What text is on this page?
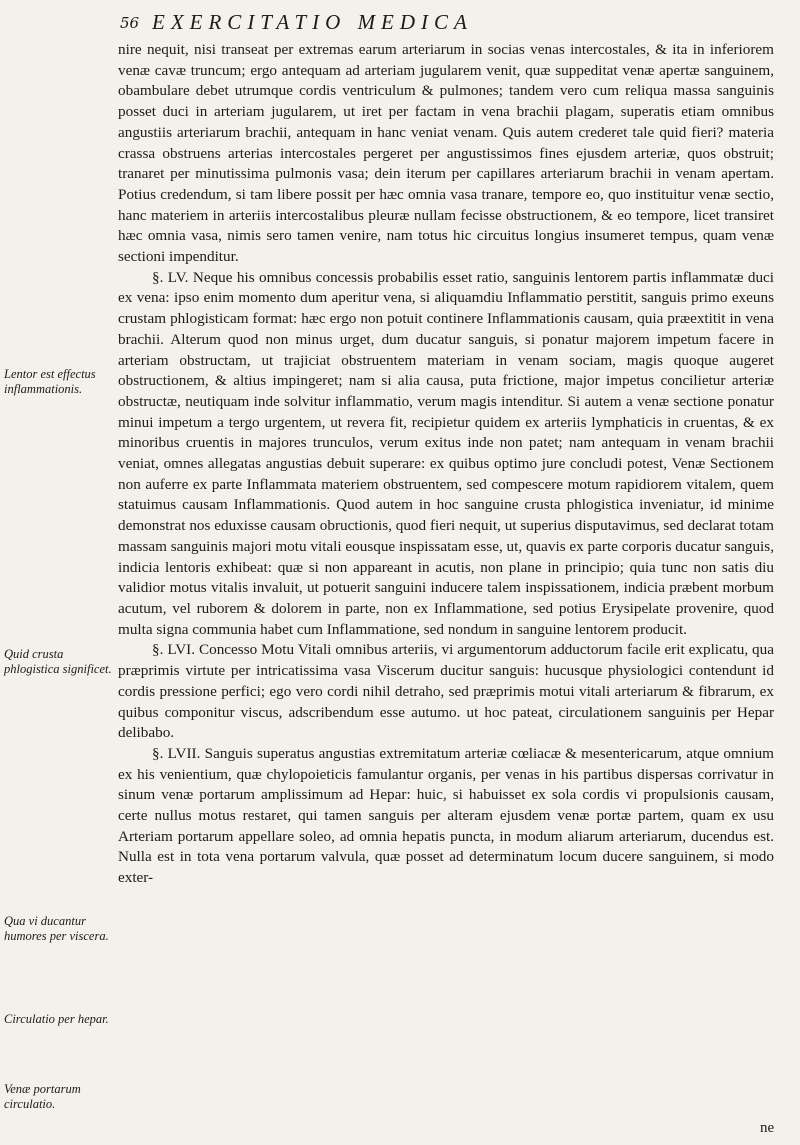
56 EXERCITATIO MEDICA
Lentor est effectus inflammationis.
Quid crusta phlogistica significet.
Qua vi ducantur humores per viscera.
Circulatio per hepar.
Venæ portarum circulatio.

nire nequit, nisi transeat per extremas earum arteriarum in socias venas intercostales, & ita in inferiorem venæ cavæ truncum; ergo antequam ad arteriam jugularem venit, quæ suppeditat venæ apertæ sanguinem, obambulare debet utrumque cordis ventriculum & pulmones; tandem vero cum reliqua massa sanguinis posset duci in arteriam jugularem, ut iret per factam in vena brachii plagam, superatis etiam omnibus angustiis arteriarum brachii, antequam in hanc veniat venam. Quis autem crederet tale quid fieri? materia crassa obstruens arterias intercostales pergeret per angustissimos fines ejusdem arteriæ, quos obstruit; tranaret per minutissima pulmonis vasa; dein iterum per capillares arteriarum brachii in venam apertam. Potius credendum, si tam libere possit per hæc omnia vasa tranare, tempore eo, quo instituitur venæ sectio, hanc materiem in arteriis intercostalibus pleuræ nullam fecisse obstructionem, & eo tempore, licet transiret hæc omnia vasa, nimis sero tamen venire, nam totus hic circuitus longius insumeret tempus, quam venæ sectioni impenditur.

§. LV. Neque his omnibus concessis probabilis esset ratio, sanguinis lentorem partis inflammatæ duci ex vena: ipso enim momento dum aperitur vena, si aliquamdiu Inflammatio perstitit, sanguis primo exeuns crustam phlogisticam format: hæc ergo non potuit continere Inflammationis causam, quia præextitit in vena brachii. Alterum quod non minus urget, dum ducatur sanguis, si ponatur majorem impetum facere in arteriam obstructam, ut trajiciat obstruentem materiam in venam sociam, magis quoque augeret obstructionem, & altius impingeret; nam si alia causa, puta frictione, major impetus concilietur arteriæ obstructæ, neutiquam inde solvitur inflammatio, verum magis intenditur. Si autem a venæ sectione ponatur minui impetum a tergo urgentem, ut revera fit, recipietur quidem ex arteriis lymphaticis in cruentas, & ex minoribus cruentis in majores trunculos, verum exitus inde non patet; nam antequam in venam brachii veniat, omnes allegatas angustias debuit superare: ex quibus optimo jure concludi potest, Venæ Sectionem non auferre ex parte Inflammata materiem obstruentem, sed compescere motum rapidiorem vitalem, quem statuimus causam Inflammationis. Quod autem in hoc sanguine crusta phlogistica inveniatur, id minime demonstrat nos eduxisse causam obructionis, quod fieri nequit, ut superius disputavimus, sed declarat totam massam sanguinis majori motu vitali eousque inspissatam esse, ut, quavis ex parte corporis ducatur sanguis, indicia lentoris exhibeat: quæ si non appareant in acutis, non plane in principio; quia tunc non satis diu validior motus vitalis invaluit, ut potuerit sanguini inducere talem inspissationem, indicia præbent morbum acutum, vel ruborem & dolorem in parte, non ex Inflammatione, sed potius Erysipelate provenire, quod multa signa communia habet cum Inflammatione, sed nondum in sanguine lentorem producit.

§. LVI. Concesso Motu Vitali omnibus arteriis, vi argumentorum adductorum facile erit explicatu, qua præprimis virtute per intricatissima vasa Viscerum ducitur sanguis: hucusque physiologici contendunt id cordis pressione perfici; ego vero cordi nihil detraho, sed præprimis motui vitali arteriarum & fibrarum, ex quibus componitur viscus, adscribendum esse autumo. ut hoc pateat, circulationem sanguinis per Hepar delibabo.

§. LVII. Sanguis superatus angustias extremitatum arteriæ cœliacæ & mesentericarum, atque omnium ex his venientium, quæ chylopoieticis famulantur organis, per venas in his partibus dispersas corrivatur in sinum venæ portarum amplissimum ad Hepar: huic, si habuisset ex sola cordis vi propulsionis causam, certe nullus motus restaret, qui tamen sanguis per alteram ejusdem venæ portæ partem, quam ex usu Arteriam portarum appellare soleo, ad omnia hepatis puncta, in modum aliarum arteriarum, ducendus est. Nulla est in tota vena portarum valvula, quæ posset ad determinatum locum ducere sanguinem, si modo exter-

ne
